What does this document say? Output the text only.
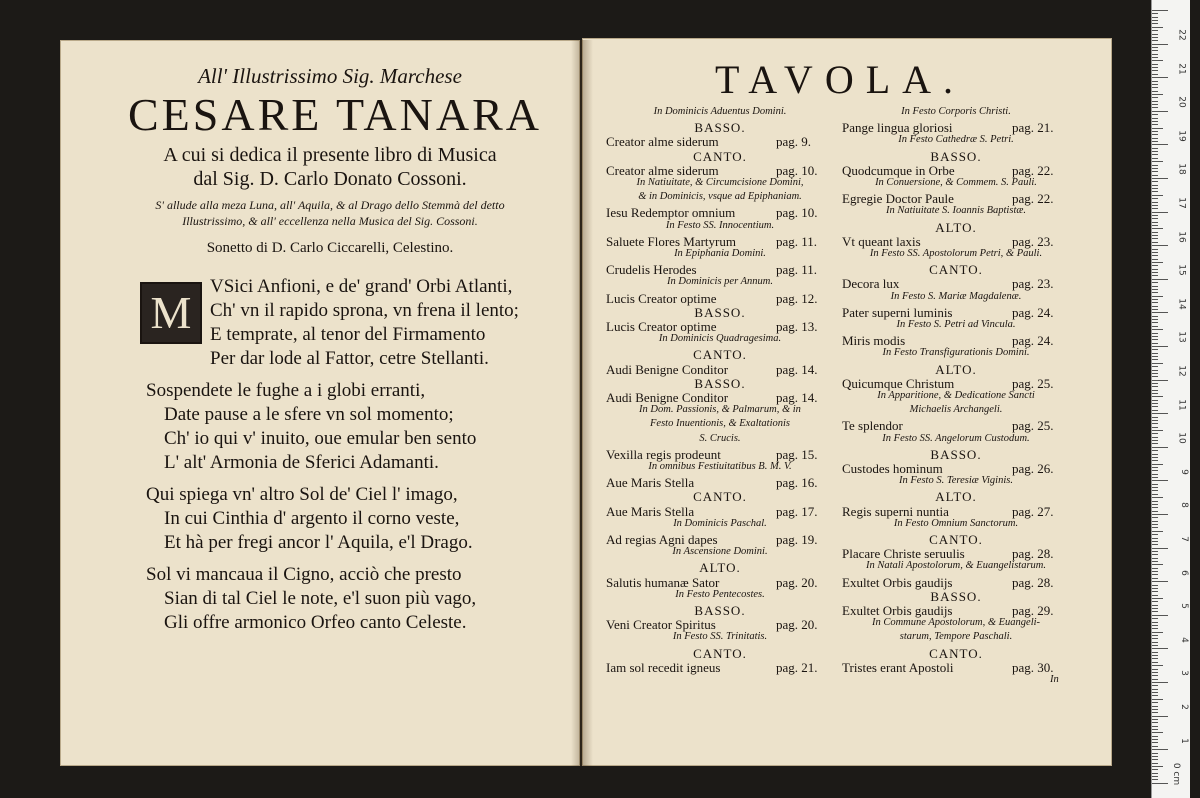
All' Illustrissimo Sig. Marchese
CESARE TANARA
A cui si dedica il presente libro di Musica
dal Sig. D. Carlo Donato Cossoni.
S' allude alla meza Luna, all' Aquila, & al Drago dello Stemmà del detto
Illustrissimo, & all' eccellenza nella Musica del Sig. Cossoni.
Sonetto di D. Carlo Ciccarelli, Celestino.
M
VSici Anfioni, e de' grand' Orbi Atlanti,
Ch' vn il rapido sprona, vn frena il lento;
E temprate, al tenor del Firmamento
Per dar lode al Fattor, cetre Stellanti.
Sospendete le fughe a i globi erranti,
Date pause a le sfere vn sol momento;
Ch' io qui v' inuito, oue emular ben sento
L' alt' Armonia de Sferici Adamanti.
Qui spiega vn' altro Sol de' Ciel l' imago,
In cui Cinthia d' argento il corno veste,
Et hà per fregi ancor l' Aquila, e'l Drago.
Sol vi mancaua il Cigno, acciò che presto
Sian di tal Ciel le note, e'l suon più vago,
Gli offre armonico Orfeo canto Celeste.
TAVOLA.
In Dominicis Aduentus Domini.
BASSO.
Creator alme siderum	pag. 9.
CANTO.
Creator alme siderum	pag. 10.
In Natiuitate, & Circumcisione Domini,
& in Dominicis, vsque ad Epiphaniam.
Iesu Redemptor omnium	pag. 10.
In Festo SS. Innocentium.
Saluete Flores Martyrum	pag. 11.
In Epiphania Domini.
Crudelis Herodes	pag. 11.
In Dominicis per Annum.
Lucis Creator optime	pag. 12.
BASSO.
Lucis Creator optime	pag. 13.
In Dominicis Quadragesima.
CANTO.
Audi Benigne Conditor	pag. 14.
BASSO.
Audi Benigne Conditor	pag. 14.
In Dom. Passionis, & Palmarum, & in
Festo Inuentionis, & Exaltationis
S. Crucis.
Vexilla regis prodeunt	pag. 15.
In omnibus Festiuitatibus B. M. V.
Aue Maris Stella	pag. 16.
CANTO.
Aue Maris Stella	pag. 17.
In Dominicis Paschal.
Ad regias Agni dapes	pag. 19.
In Ascensione Domini.
ALTO.
Salutis humanæ Sator	pag. 20.
In Festo Pentecostes.
BASSO.
Veni Creator Spiritus	pag. 20.
In Festo SS. Trinitatis.
CANTO.
Iam sol recedit igneus	pag. 21.
In Festo Corporis Christi.
Pange lingua gloriosi	pag. 21.
In Festo Cathedræ S. Petri.
BASSO.
Quodcumque in Orbe	pag. 22.
In Conuersione, & Commem. S. Pauli.
Egregie Doctor Paule	pag. 22.
In Natiuitate S. Ioannis Baptistæ.
ALTO.
Vt queant laxis	pag. 23.
In Festo SS. Apostolorum Petri, & Pauli.
CANTO.
Decora lux	pag. 23.
In Festo S. Mariæ Magdalenæ.
Pater superni luminis	pag. 24.
In Festo S. Petri ad Vincula.
Miris modis	pag. 24.
In Festo Transfigurationis Domini.
ALTO.
Quicumque Christum	pag. 25.
In Apparitione, & Dedicatione Sancti
Michaelis Archangeli.
Te splendor	pag. 25.
In Festo SS. Angelorum Custodum.
BASSO.
Custodes hominum	pag. 26.
In Festo S. Teresiæ Viginis.
ALTO.
Regis superni nuntia	pag. 27.
In Festo Omnium Sanctorum.
CANTO.
Placare Christe seruulis	pag. 28.
In Natali Apostolorum, & Euangelistarum.
Exultet Orbis gaudijs	pag. 28.
BASSO.
Exultet Orbis gaudijs	pag. 29.
In Commune Apostolorum, & Euangeli-
starum, Tempore Paschali.
CANTO.
Tristes erant Apostoli	pag. 30.
In
22
21
20
19
18
17
16
15
14
13
12
11
10
9
8
7
6
5
4
3
2
1
0 cm
